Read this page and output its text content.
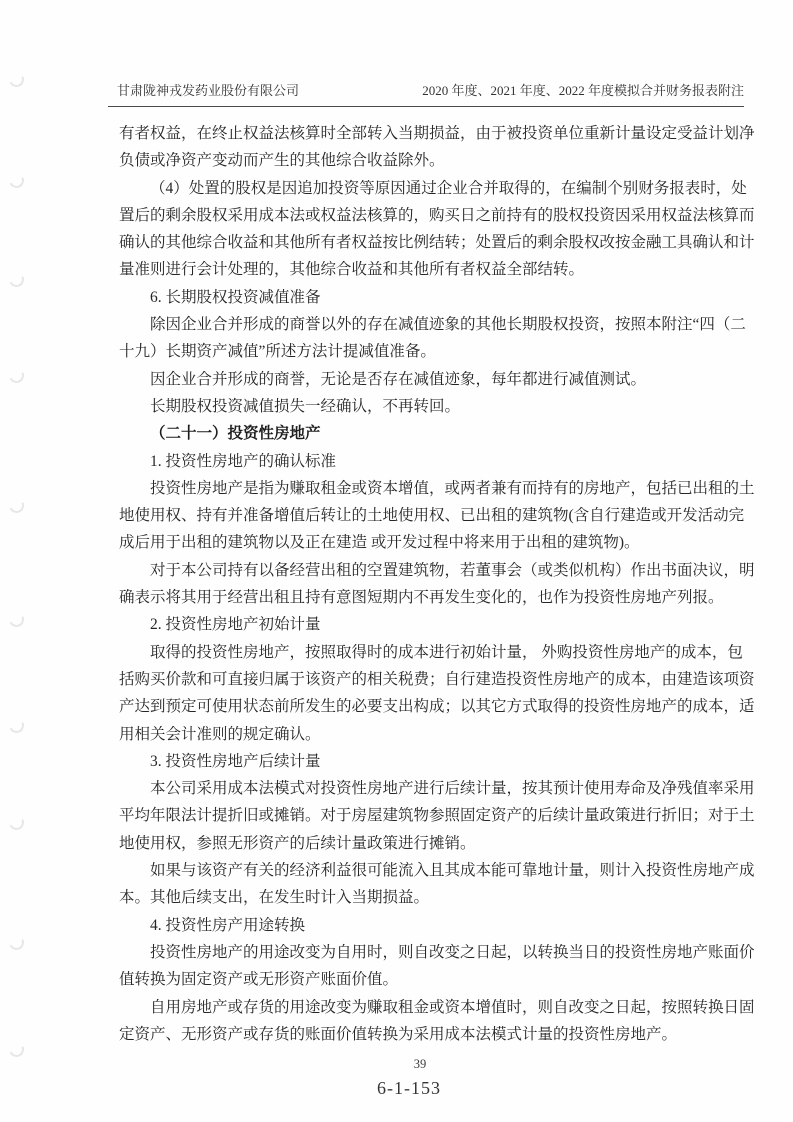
甘肃陇神戎发药业股份有限公司	2020 年度、2021 年度、2022 年度模拟合并财务报表附注
有者权益，在终止权益法核算时全部转入当期损益，由于被投资单位重新计量设定受益计划净
负债或净资产变动而产生的其他综合收益除外。
（4）处置的股权是因追加投资等原因通过企业合并取得的，在编制个别财务报表时，处
置后的剩余股权采用成本法或权益法核算的，购买日之前持有的股权投资因采用权益法核算而
确认的其他综合收益和其他所有者权益按比例结转；处置后的剩余股权改按金融工具确认和计
量准则进行会计处理的，其他综合收益和其他所有者权益全部结转。
6. 长期股权投资减值准备
除因企业合并形成的商誉以外的存在减值迹象的其他长期股权投资，按照本附注“四（二
十九）长期资产减值”所述方法计提减值准备。
因企业合并形成的商誉，无论是否存在减值迹象，每年都进行减值测试。
长期股权投资减值损失一经确认，不再转回。
（二十一）投资性房地产
1. 投资性房地产的确认标准
投资性房地产是指为赚取租金或资本增值，或两者兼有而持有的房地产，包括已出租的土
地使用权、持有并准备增值后转让的土地使用权、已出租的建筑物(含自行建造或开发活动完
成后用于出租的建筑物以及正在建造 或开发过程中将来用于出租的建筑物)。
对于本公司持有以备经营出租的空置建筑物，若董事会（或类似机构）作出书面决议，明
确表示将其用于经营出租且持有意图短期内不再发生变化的，也作为投资性房地产列报。
2. 投资性房地产初始计量
取得的投资性房地产，按照取得时的成本进行初始计量， 外购投资性房地产的成本，包
括购买价款和可直接归属于该资产的相关税费；自行建造投资性房地产的成本，由建造该项资
产达到预定可使用状态前所发生的必要支出构成；以其它方式取得的投资性房地产的成本，适
用相关会计准则的规定确认。
3. 投资性房地产后续计量
本公司采用成本法模式对投资性房地产进行后续计量，按其预计使用寿命及净残值率采用
平均年限法计提折旧或摊销。对于房屋建筑物参照固定资产的后续计量政策进行折旧；对于土
地使用权，参照无形资产的后续计量政策进行摊销。
如果与该资产有关的经济利益很可能流入且其成本能可靠地计量，则计入投资性房地产成
本。其他后续支出，在发生时计入当期损益。
4. 投资性房产用途转换
投资性房地产的用途改变为自用时，则自改变之日起，以转换当日的投资性房地产账面价
值转换为固定资产或无形资产账面价值。
自用房地产或存货的用途改变为赚取租金或资本增值时，则自改变之日起，按照转换日固
定资产、无形资产或存货的账面价值转换为采用成本法模式计量的投资性房地产。
39
6-1-153
